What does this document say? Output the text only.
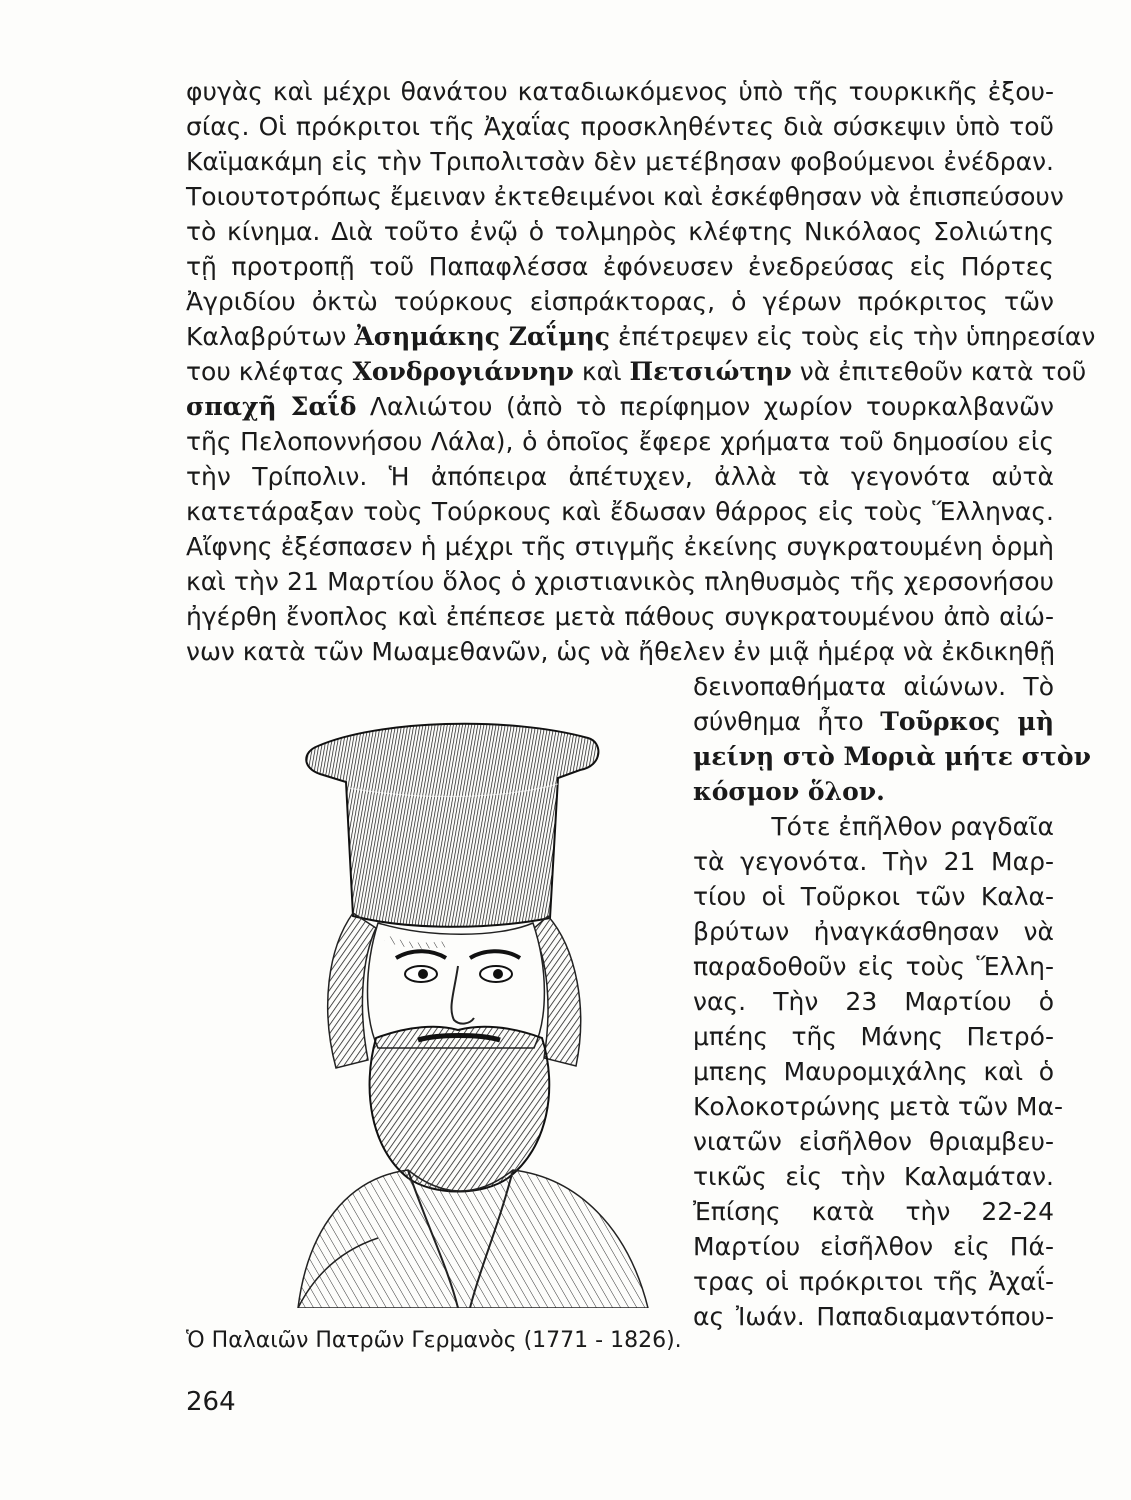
φυγὰς καὶ μέχρι θανάτου καταδιωκόμενος ὑπὸ τῆς τουρκικῆς ἐξου-
σίας. Οἱ πρόκριτοι τῆς Ἀχαΐας προσκληθέντες διὰ σύσκεψιν ὑπὸ τοῦ
Καϊμακάμη εἰς τὴν Τριπολιτσὰν δὲν μετέβησαν φοβούμενοι ἐνέδραν.
Τοιουτοτρόπως ἔμειναν ἐκτεθειμένοι καὶ ἐσκέφθησαν νὰ ἐπισπεύσουν
τὸ κίνημα. Διὰ τοῦτο ἐνῷ ὁ τολμηρὸς κλέφτης Νικόλαος Σολιώτης
τῇ προτροπῇ τοῦ Παπαφλέσσα ἐφόνευσεν ἐνεδρεύσας εἰς Πόρτες
Ἀγριδίου ὀκτὼ τούρκους εἰσπράκτορας, ὁ γέρων πρόκριτος τῶν
Καλαβρύτων Ἀσημάκης Ζαΐμης ἐπέτρεψεν εἰς τοὺς εἰς τὴν ὑπηρεσίαν
του κλέφτας Χονδρογιάννην καὶ Πετσιώτην νὰ ἐπιτεθοῦν κατὰ τοῦ
σπαχῆ Σαΐδ Λαλιώτου (ἀπὸ τὸ περίφημον χωρίον τουρκαλβανῶν
τῆς Πελοποννήσου Λάλα), ὁ ὁποῖος ἔφερε χρήματα τοῦ δημοσίου εἰς
τὴν Τρίπολιν. Ἡ ἀπόπειρα ἀπέτυχεν, ἀλλὰ τὰ γεγονότα αὐτὰ
κατετάραξαν τοὺς Τούρκους καὶ ἔδωσαν θάρρος εἰς τοὺς Ἕλληνας.
Αἴφνης ἐξέσπασεν ἡ μέχρι τῆς στιγμῆς ἐκείνης συγκρατουμένη ὁρμὴ
καὶ τὴν 21 Μαρτίου ὅλος ὁ χριστιανικὸς πληθυσμὸς τῆς χερσονήσου
ἠγέρθη ἔνοπλος καὶ ἐπέπεσε μετὰ πάθους συγκρατουμένου ἀπὸ αἰώ-
νων κατὰ τῶν Μωαμεθανῶν, ὡς νὰ ἤθελεν ἐν μιᾷ ἡμέρᾳ νὰ ἐκδικηθῇ
δεινοπαθήματα αἰώνων. Τὸ
σύνθημα ἦτο Τοῦρκος μὴ
μείνῃ στὸ Μοριὰ μήτε στὸν
κόσμον ὅλον.
Τότε ἐπῆλθον ραγδαῖα
τὰ γεγονότα. Τὴν 21 Μαρ-
τίου οἱ Τοῦρκοι τῶν Καλα-
βρύτων ἠναγκάσθησαν νὰ
παραδοθοῦν εἰς τοὺς Ἕλλη-
νας. Τὴν 23 Μαρτίου ὁ
μπέης τῆς Μάνης Πετρό-
μπεης Μαυρομιχάλης καὶ ὁ
Κολοκοτρώνης μετὰ τῶν Μα-
νιατῶν εἰσῆλθον θριαμβευ-
τικῶς εἰς τὴν Καλαμάταν.
Ἐπίσης κατὰ τὴν 22-24
Μαρτίου εἰσῆλθον εἰς Πά-
τρας οἱ πρόκριτοι τῆς Ἀχαΐ-
ας Ἰωάν. Παπαδιαμαντόπου-
Ὁ Παλαιῶν Πατρῶν Γερμανὸς (1771 - 1826).
264
